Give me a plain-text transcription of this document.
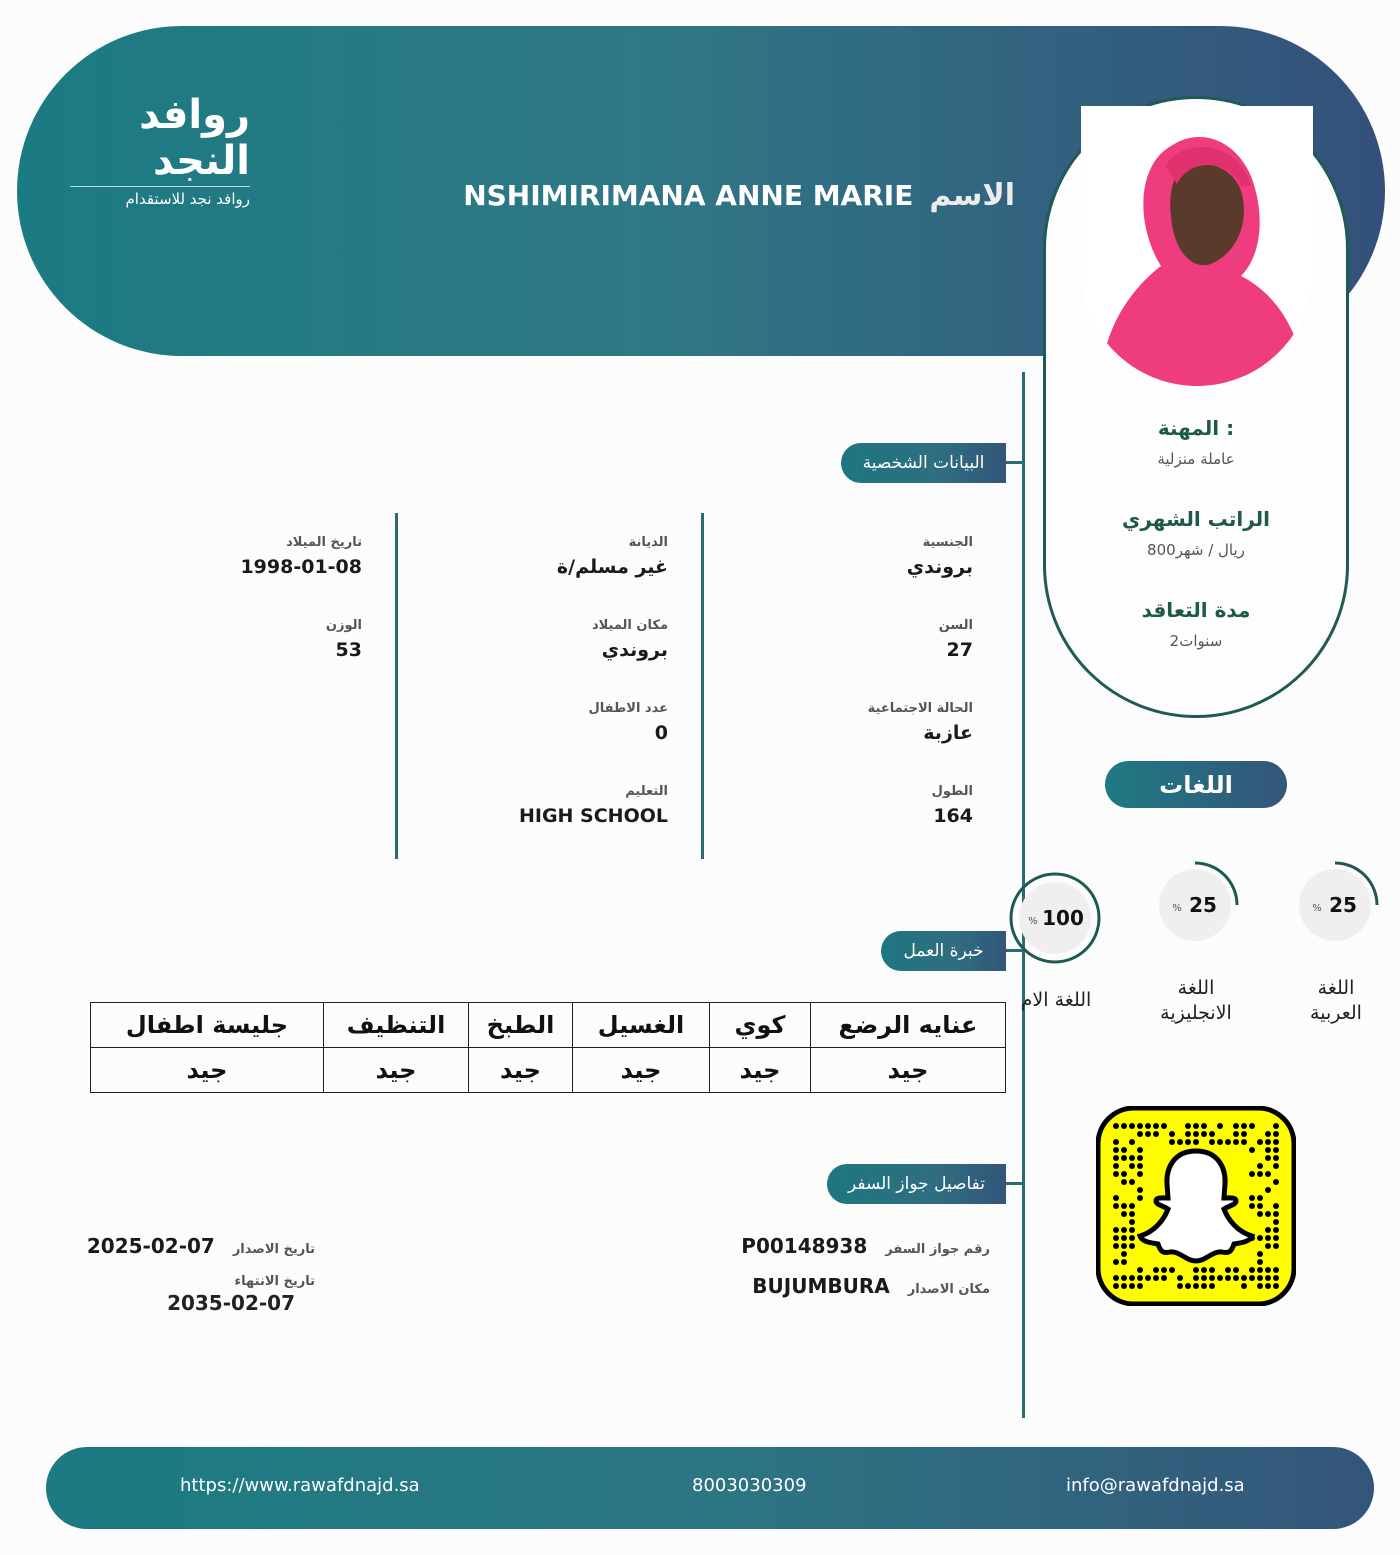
روافد النجد
روافد نجد للاستقدام	الاسم
NSHIMIRIMANA ANNE MARIE
المهنة :
عاملة منزلية
الراتب الشهري
800ريال / شهر
مدة التعاقد
2سنوات
البيانات الشخصية
الجنسية
بروندي
السن
27
الحالة الاجتماعية
عازبة
الطول
164
الديانة
غير مسلم/ة
مكان الميلاد
بروندي
عدد الاطفال
0
التعليم
HIGH SCHOOL
تاريخ الميلاد
1998-01-08
الوزن
53
اللغات
25
%
25
%
100
%
اللغة
العربية
اللغة
الانجليزية
اللغة الام
خبرة العمل
عنايه الرضع	كوي	الغسيل	الطبخ	التنظيف	جليسة اطفال
جيد	جيد	جيد	جيد	جيد	جيد
تفاصيل جواز السفر
رقم جواز السفر
P00148938
مكان الاصدار
BUJUMBURA
تاريخ الاصدار
2025-02-07
تاريخ الانتهاء
2035-02-07
https://www.rawafdnajd.sa	8003030309	info@rawafdnajd.sa
